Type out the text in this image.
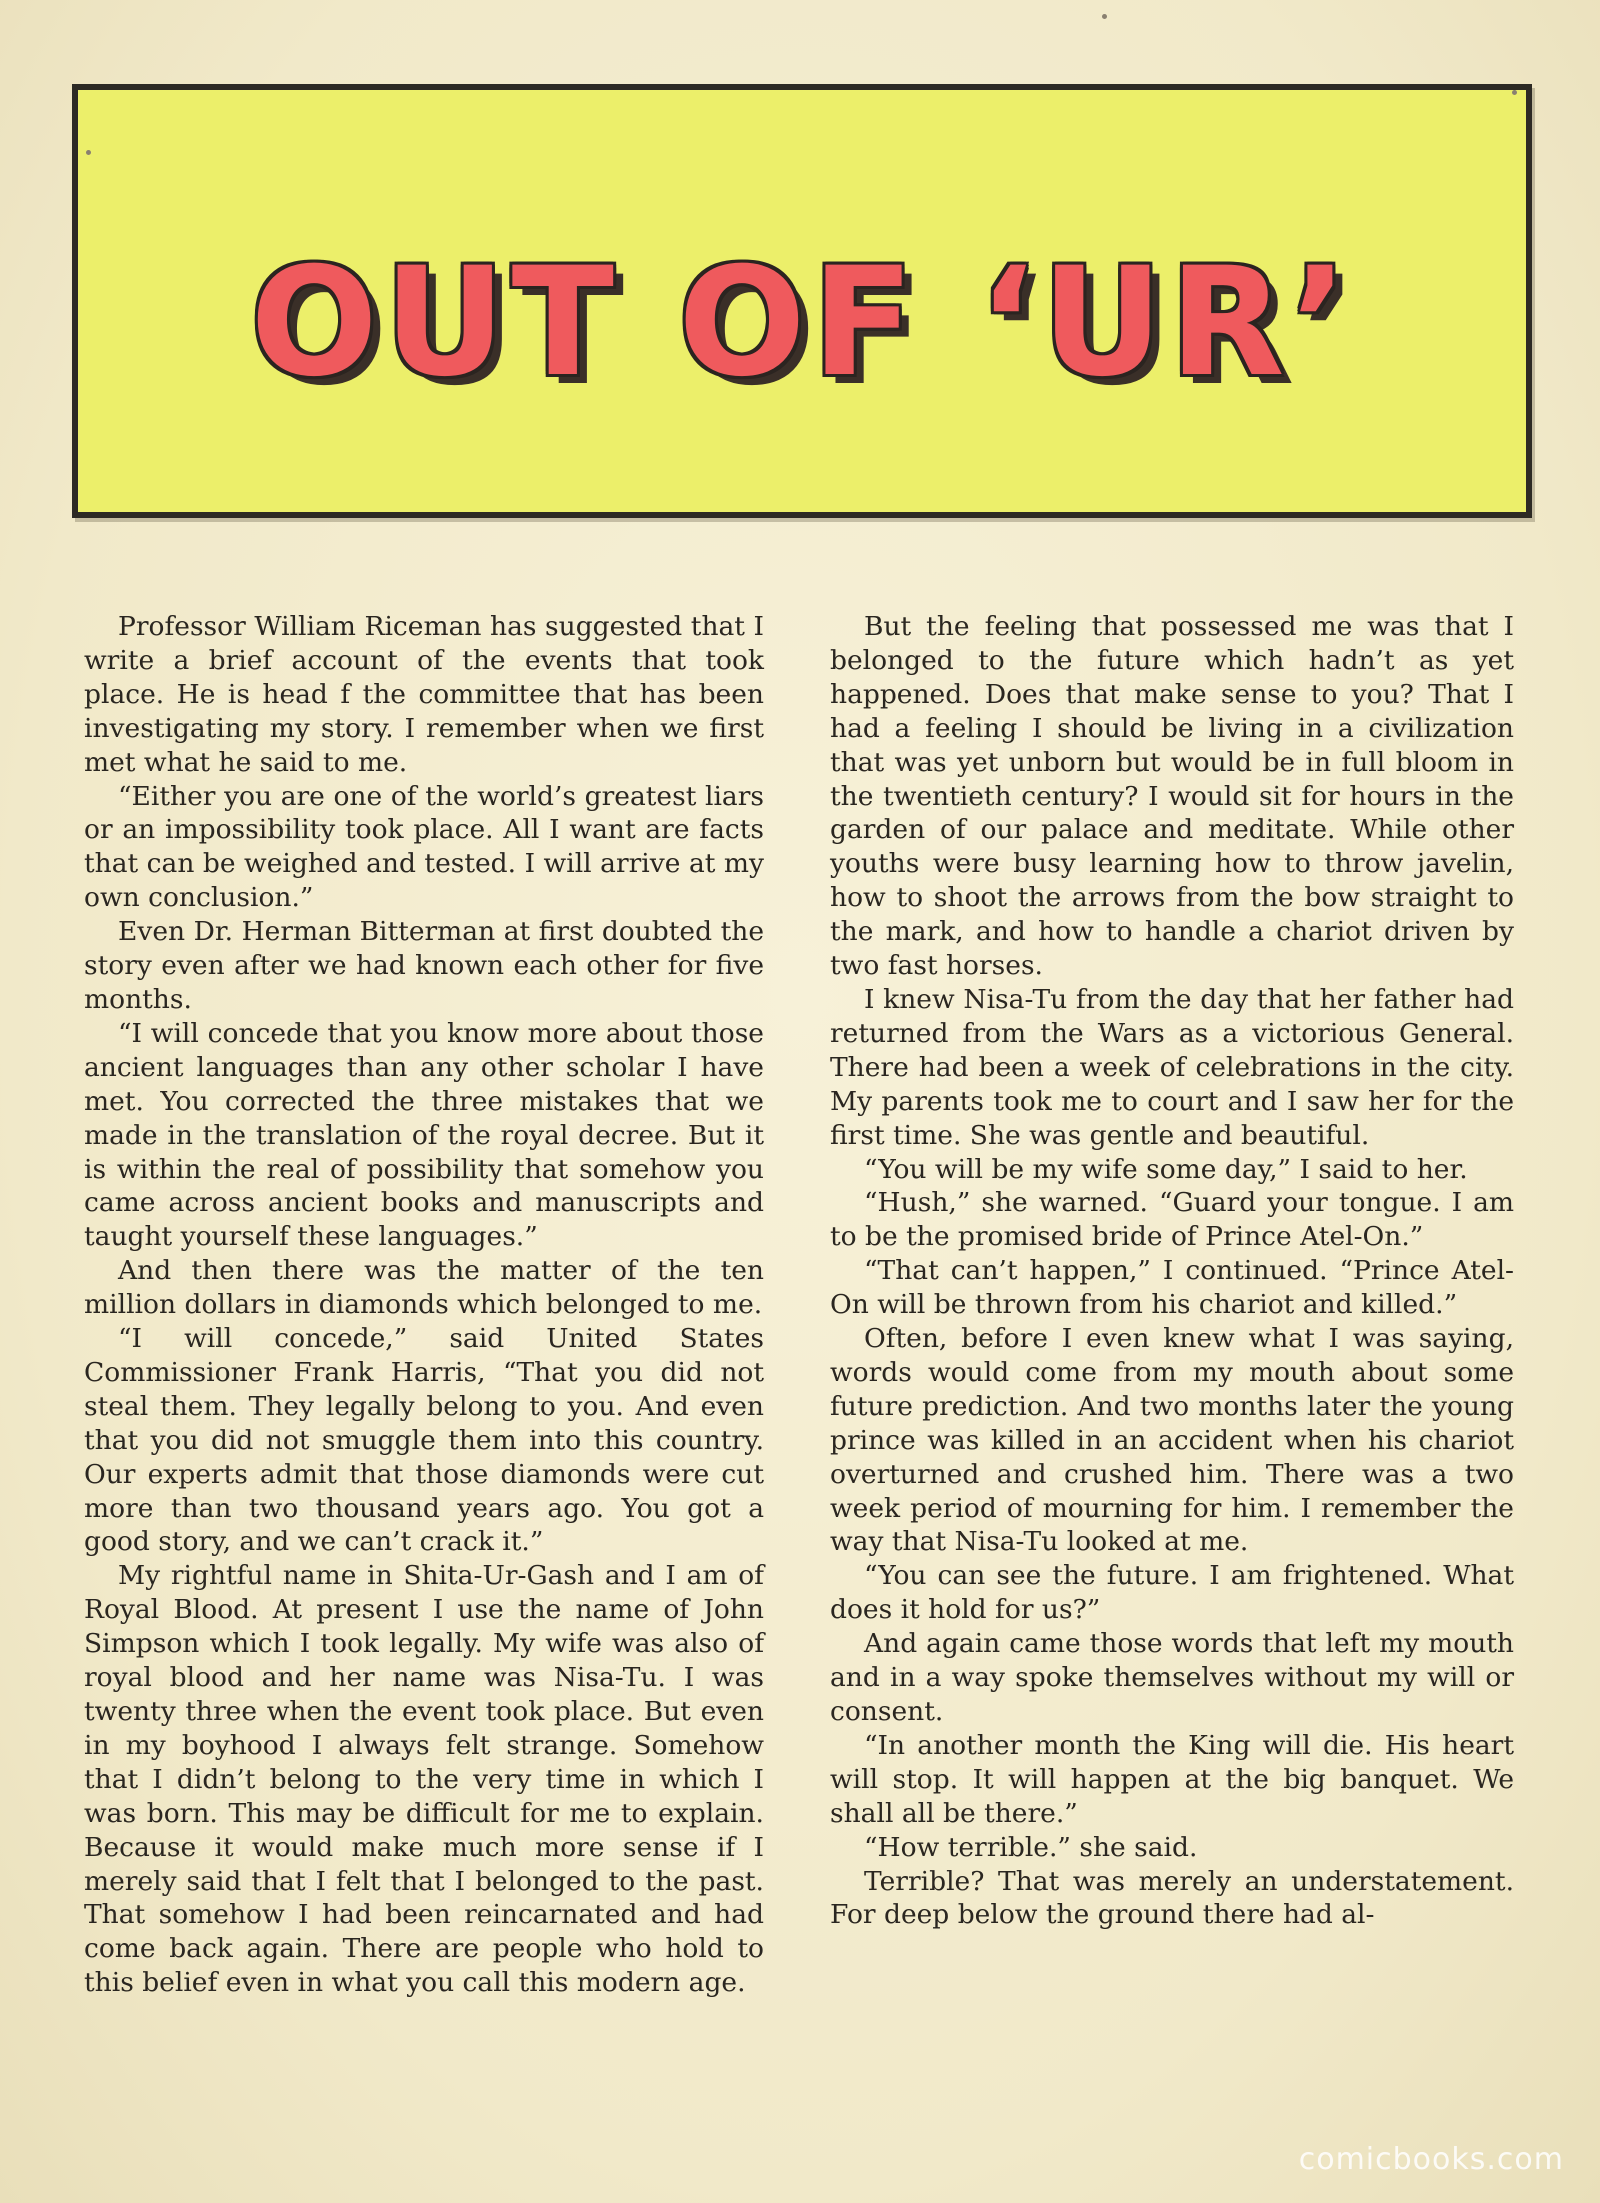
OUT OF ‘UR’

Professor William Riceman has suggested that I write a brief account of the events that took place. He is head f the committee that has been investigating my story. I remember when we first met what he said to me.

“Either you are one of the world’s greatest liars or an impossibility took place. All I want are facts that can be weighed and tested. I will arrive at my own conclusion.”

Even Dr. Herman Bitterman at first doubted the story even after we had known each other for five months.

“I will concede that you know more about those ancient languages than any other scholar I have met. You corrected the three mistakes that we made in the translation of the royal decree. But it is within the real of possibility that somehow you came across ancient books and manuscripts and taught yourself these languages.”

And then there was the matter of the ten million dollars in diamonds which belonged to me.

“I will concede,” said United States Commissioner Frank Harris, “That you did not steal them. They legally belong to you. And even that you did not smuggle them into this country. Our experts admit that those diamonds were cut more than two thousand years ago. You got a good story, and we can’t crack it.”

My rightful name in Shita-Ur-Gash and I am of Royal Blood. At present I use the name of John Simpson which I took legally. My wife was also of royal blood and her name was Nisa-Tu. I was twenty three when the event took place. But even in my boyhood I always felt strange. Somehow that I didn’t belong to the very time in which I was born. This may be difficult for me to explain. Because it would make much more sense if I merely said that I felt that I belonged to the past. That somehow I had been reincarnated and had come back again. There are people who hold to this belief even in what you call this modern age.

But the feeling that possessed me was that I belonged to the future which hadn’t as yet happened. Does that make sense to you? That I had a feeling I should be living in a civilization that was yet unborn but would be in full bloom in the twentieth century? I would sit for hours in the garden of our palace and meditate. While other youths were busy learning how to throw javelin, how to shoot the arrows from the bow straight to the mark, and how to handle a chariot driven by two fast horses.

I knew Nisa-Tu from the day that her father had returned from the Wars as a victorious General. There had been a week of celebrations in the city. My parents took me to court and I saw her for the first time. She was gentle and beautiful.

“You will be my wife some day,” I said to her.

“Hush,” she warned. “Guard your tongue. I am to be the promised bride of Prince Atel-On.”

“That can’t happen,” I continued. “Prince Atel-On will be thrown from his chariot and killed.”

Often, before I even knew what I was saying, words would come from my mouth about some future prediction. And two months later the young prince was killed in an accident when his chariot overturned and crushed him. There was a two week period of mourning for him. I remember the way that Nisa-Tu looked at me.

“You can see the future. I am frightened. What does it hold for us?”

And again came those words that left my mouth and in a way spoke themselves without my will or consent.

“In another month the King will die. His heart will stop. It will happen at the big banquet. We shall all be there.”

“How terrible.” she said.

Terrible? That was merely an understatement. For deep below the ground there had al-

comicbooks.com
